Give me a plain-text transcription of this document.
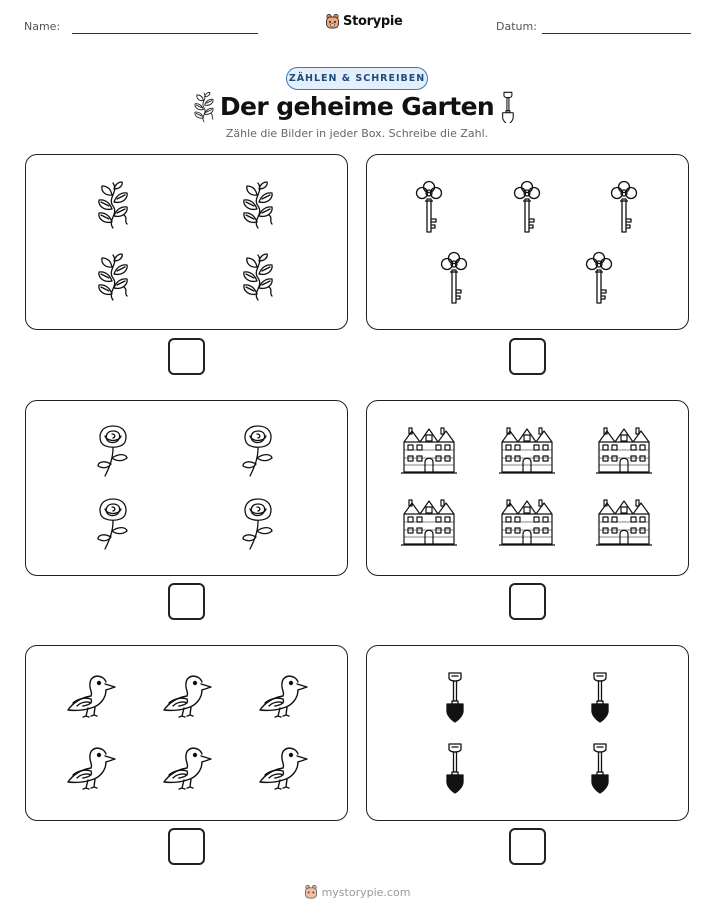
Name:	Storypie	Datum:
ZÄHLEN & SCHREIBEN
Der geheime Garten
Zähle die Bilder in jeder Box. Schreibe die Zahl.
mystorypie.com
